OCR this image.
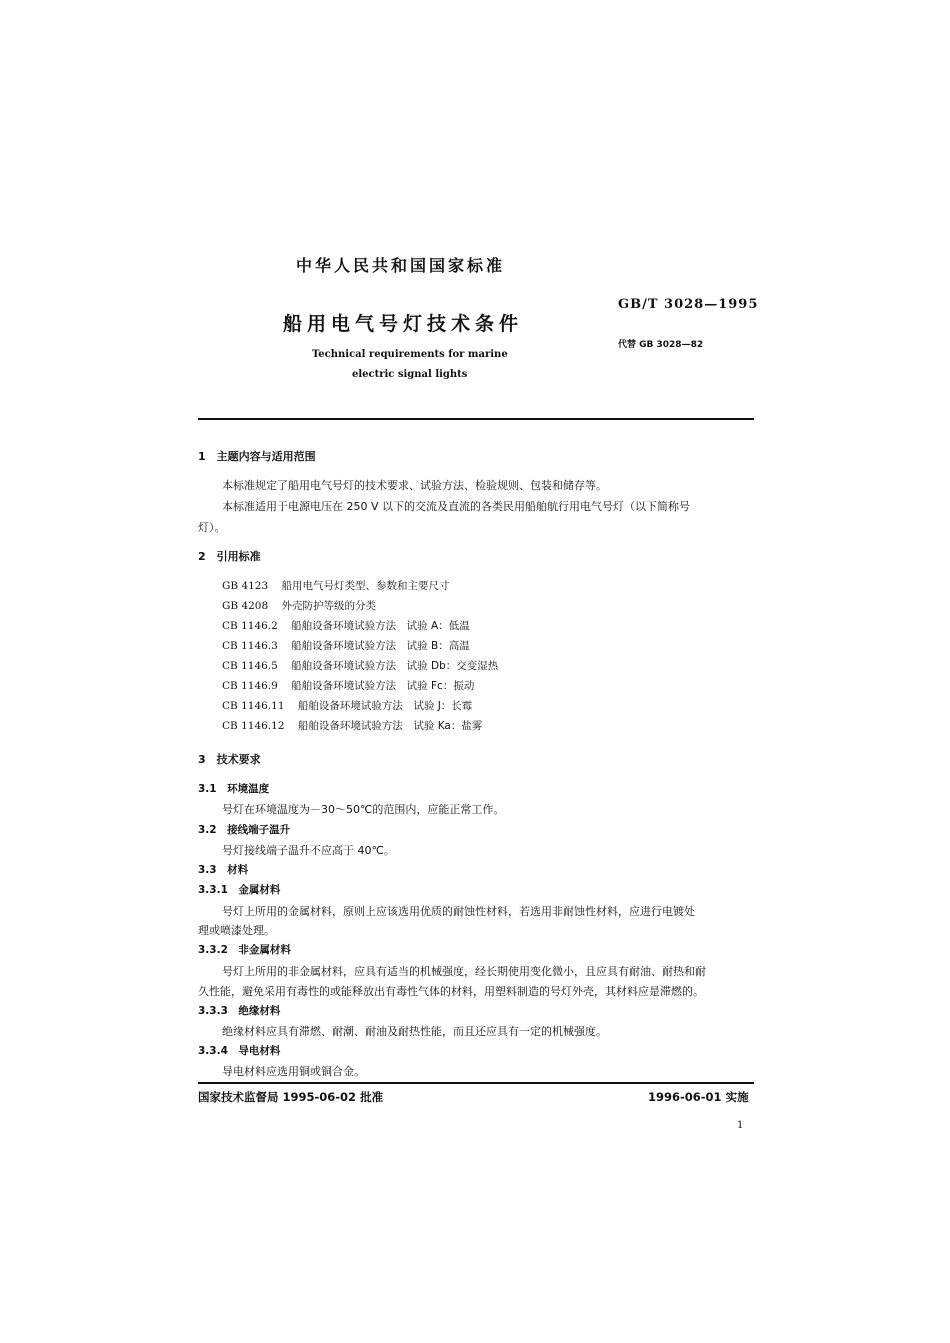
中华人民共和国国家标准
船用电气号灯技术条件
Technical requirements for marine
electric signal lights
GB/T 3028—1995
代替 GB 3028—82
1　主题内容与适用范围
本标准规定了船用电气号灯的技术要求、试验方法、检验规则、包装和储存等。
本标准适用于电源电压在 250 V 以下的交流及直流的各类民用船舶航行用电气号灯（以下简称号
灯）。
2　引用标准
GB 4123 船用电气号灯类型、参数和主要尺寸
GB 4208 外壳防护等级的分类
CB 1146.2 船舶设备环境试验方法　试验 A：低温
CB 1146.3 船舶设备环境试验方法　试验 B：高温
CB 1146.5 船舶设备环境试验方法　试验 Db：交变湿热
CB 1146.9 船舶设备环境试验方法　试验 Fc：振动
CB 1146.11 船舶设备环境试验方法　试验 J：长霉
CB 1146.12 船舶设备环境试验方法　试验 Ka：盐雾
3　技术要求
3.1　环境温度
号灯在环境温度为－30～50℃的范围内，应能正常工作。
3.2　接线端子温升
号灯接线端子温升不应高于 40℃。
3.3　材料
3.3.1　金属材料
号灯上所用的金属材料，原则上应该选用优质的耐蚀性材料，若选用非耐蚀性材料，应进行电镀处
理或喷漆处理。
3.3.2　非金属材料
号灯上所用的非金属材料，应具有适当的机械强度，经长期使用变化微小，且应具有耐油、耐热和耐
久性能，避免采用有毒性的或能释放出有毒性气体的材料，用塑料制造的号灯外壳，其材料应是滞燃的。
3.3.3　绝缘材料
绝缘材料应具有滞燃、耐潮、耐油及耐热性能，而且还应具有一定的机械强度。
3.3.4　导电材料
导电材料应选用铜或铜合金。
国家技术监督局 1995-06-02 批准	1996-06-01 实施
1
